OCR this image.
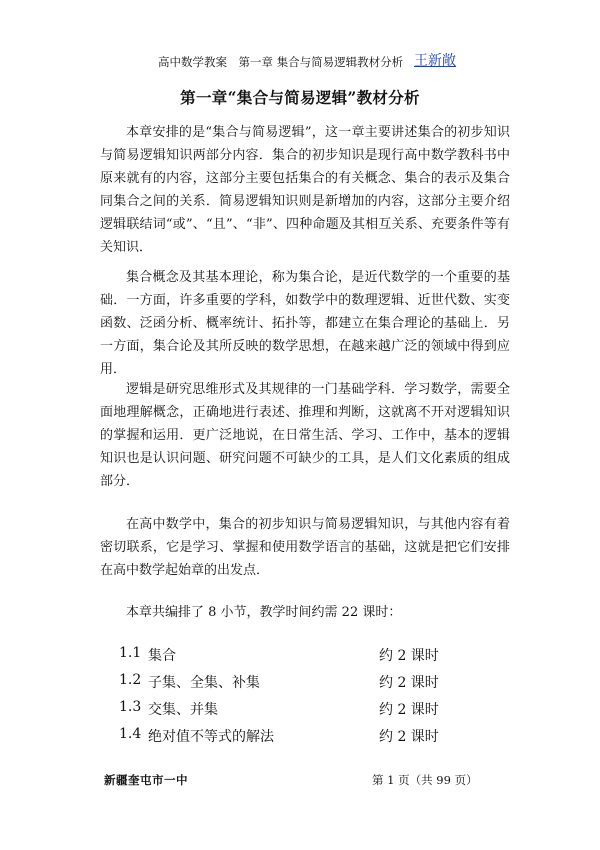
高中数学教案　第一章 集合与简易逻辑教材分析 王新敞
第一章“集合与简易逻辑”教材分析

本章安排的是“集合与简易逻辑”，这一章主要讲述集合的初步知识与简易逻辑知识两部分内容．集合的初步知识是现行高中数学教科书中原来就有的内容，这部分主要包括集合的有关概念、集合的表示及集合同集合之间的关系．简易逻辑知识则是新增加的内容，这部分主要介绍逻辑联结词“或”、“且”、“非”、四种命题及其相互关系、充要条件等有关知识．

集合概念及其基本理论，称为集合论，是近代数学的一个重要的基础．一方面，许多重要的学科，如数学中的数理逻辑、近世代数、实变函数、泛函分析、概率统计、拓扑等，都建立在集合理论的基础上．另一方面，集合论及其所反映的数学思想，在越来越广泛的领域中得到应用．

逻辑是研究思维形式及其规律的一门基础学科．学习数学，需要全面地理解概念，正确地进行表述、推理和判断，这就离不开对逻辑知识的掌握和运用．更广泛地说，在日常生活、学习、工作中，基本的逻辑知识也是认识问题、研究问题不可缺少的工具，是人们文化素质的组成部分．

在高中数学中，集合的初步知识与简易逻辑知识，与其他内容有着密切联系，它是学习、掌握和使用数学语言的基础，这就是把它们安排在高中数学起始章的出发点．

本章共编排了 8 小节，教学时间约需 22 课时：

1.1 集合	约 2 课时
1.2 子集、全集、补集	约 2 课时
1.3 交集、并集	约 2 课时
1.4 绝对值不等式的解法	约 2 课时
新疆奎屯市一中	第 1 页（共 99 页）
